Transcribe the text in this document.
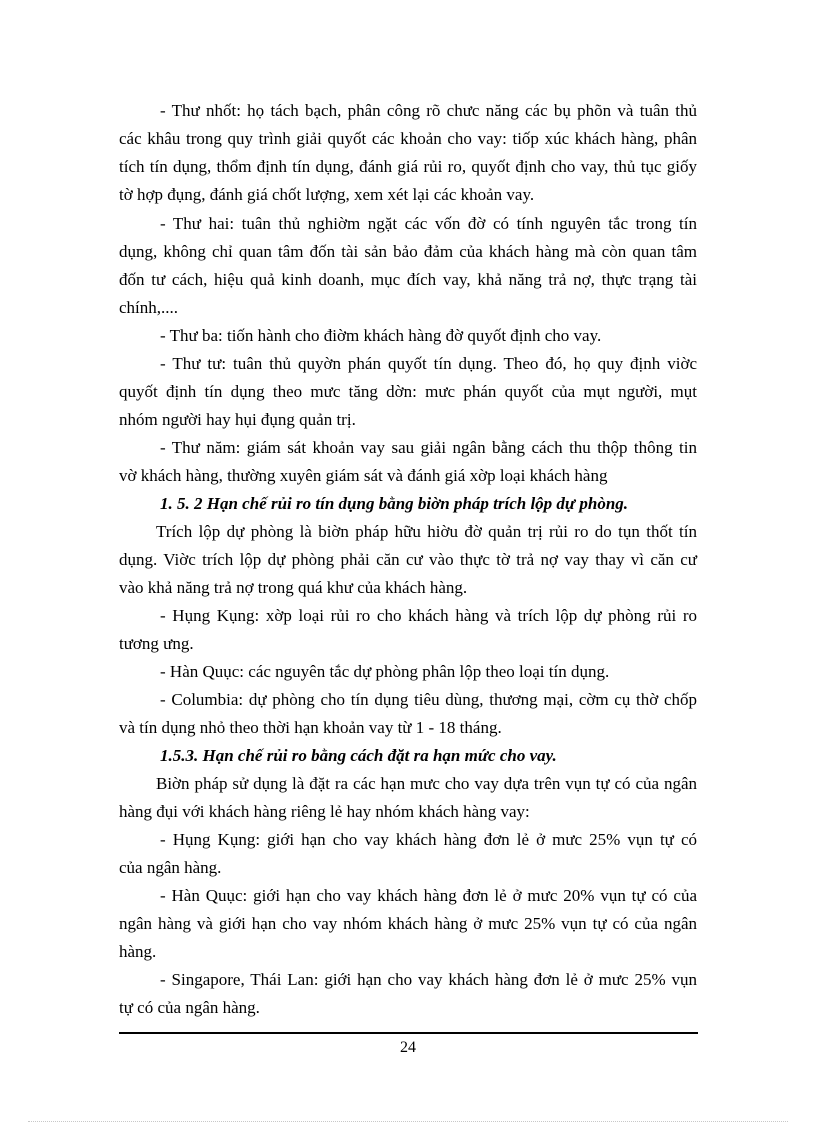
- Thư nhốt: họ tách bạch, phân công rõ chưc năng các bụ phõn và tuân thủ
các khâu trong quy trình giải quyốt các khoản cho vay: tiốp xúc khách hàng, phân
tích tín dụng, thổm định tín dụng, đánh giá rủi ro, quyốt định cho vay, thủ tục giốy
tờ hợp đụng, đánh giá chốt lượng, xem xét lại các khoản vay.
- Thư hai: tuân thủ nghiờm ngặt các vốn đờ có tính nguyên tắc trong tín
dụng, không chỉ quan tâm đốn tài sản bảo đảm của khách hàng mà còn quan tâm
đốn tư cách, hiệu quả kinh doanh, mục đích vay, khả năng trả nợ, thực trạng tài
chính,....
- Thư ba: tiốn hành cho điờm khách hàng đờ quyốt định cho vay.
- Thư tư: tuân thủ quyờn phán quyốt tín dụng. Theo đó, họ quy định viờc
quyốt định tín dụng theo mưc tăng dờn: mưc phán quyốt của mụt người, mụt
nhóm người hay hụi đụng quản trị.
- Thư năm: giám sát khoản vay sau giải ngân bằng cách thu thộp thông tin
vờ khách hàng, thường xuyên giám sát và đánh giá xờp loại khách hàng
1. 5. 2 Hạn chế rủi ro tín dụng bằng biờn pháp trích lộp dự phòng.
Trích lộp dự phòng là biờn pháp hữu hiờu đờ quản trị rủi ro do tụn thốt tín
dụng. Viờc trích lộp dự phòng phải căn cư vào thực tờ trả nợ vay thay vì căn cư
vào khả năng trả nợ trong quá khư của khách hàng.
- Hụng Kụng: xờp loại rủi ro cho khách hàng và trích lộp dự phòng rủi ro
tương ưng.
- Hàn Quục: các nguyên tắc dự phòng phân lộp theo loại tín dụng.
- Columbia: dự phòng cho tín dụng tiêu dùng, thương mại, cờm cụ thờ chốp
và tín dụng nhỏ theo thời hạn khoản vay từ 1 - 18 tháng.
1.5.3. Hạn chế rủi ro bằng cách đặt ra hạn mức cho vay.
Biờn pháp sử dụng là đặt ra các hạn mưc cho vay dựa trên vụn tự có của ngân
hàng đụi với khách hàng riêng lẻ hay nhóm khách hàng vay:
- Hụng Kụng: giới hạn cho vay khách hàng đơn lẻ ở mưc 25% vụn tự có
của ngân hàng.
- Hàn Quục: giới hạn cho vay khách hàng đơn lẻ ở mưc 20% vụn tự có của
ngân hàng và giới hạn cho vay nhóm khách hàng ở mưc 25% vụn tự có của ngân
hàng.
- Singapore, Thái Lan: giới hạn cho vay khách hàng đơn lẻ ở mưc 25% vụn
tự có của ngân hàng.
24
